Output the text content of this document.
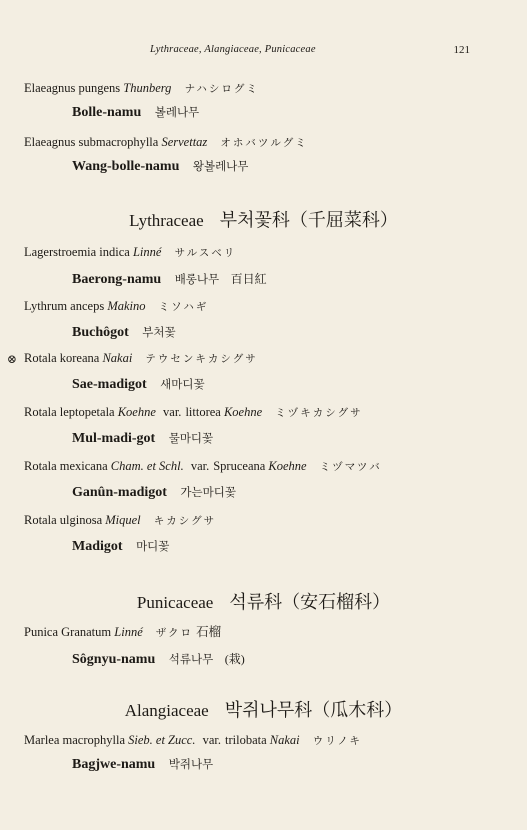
Lythraceae, Alangiaceae, Punicaceae	121
Elaeagnus pungens Thunberg ナハシログミ
Bolle-namu 볼레나무
Elaeagnus submacrophylla Servettaz オホバツルグミ
Wang-bolle-namu 왕볼레나무
Lythraceae 부처꽃科（千屈菜科）
Lagerstroemia indica Linné サルスベリ
Baerong-namu 배롱나무 百日紅
Lythrum anceps Makino ミソハギ
Buchôgot 부처꽃
⊗ Rotala koreana Nakai テウセンキカシグサ
Sae-madigot 새마디꽃
Rotala leptopetala Koehne var. littorea Koehne ミヅキカシグサ
Mul-madi-got 물마디꽃
Rotala mexicana Cham. et Schl. var. Spruceana Koehne ミヅマツバ
Ganûn-madigot 가는마디꽃
Rotala ulginosa Miquel キカシグサ
Madigot 마디꽃
Punicaceae 석류科（安石榴科）
Punica Granatum Linné ザクロ 石榴
Sôgnyu-namu 석류나무 (栽)
Alangiaceae 박쥐나무科（瓜木科）
Marlea macrophylla Sieb. et Zucc. var. trilobata Nakai ウリノキ
Bagjwe-namu 박쥐나무
